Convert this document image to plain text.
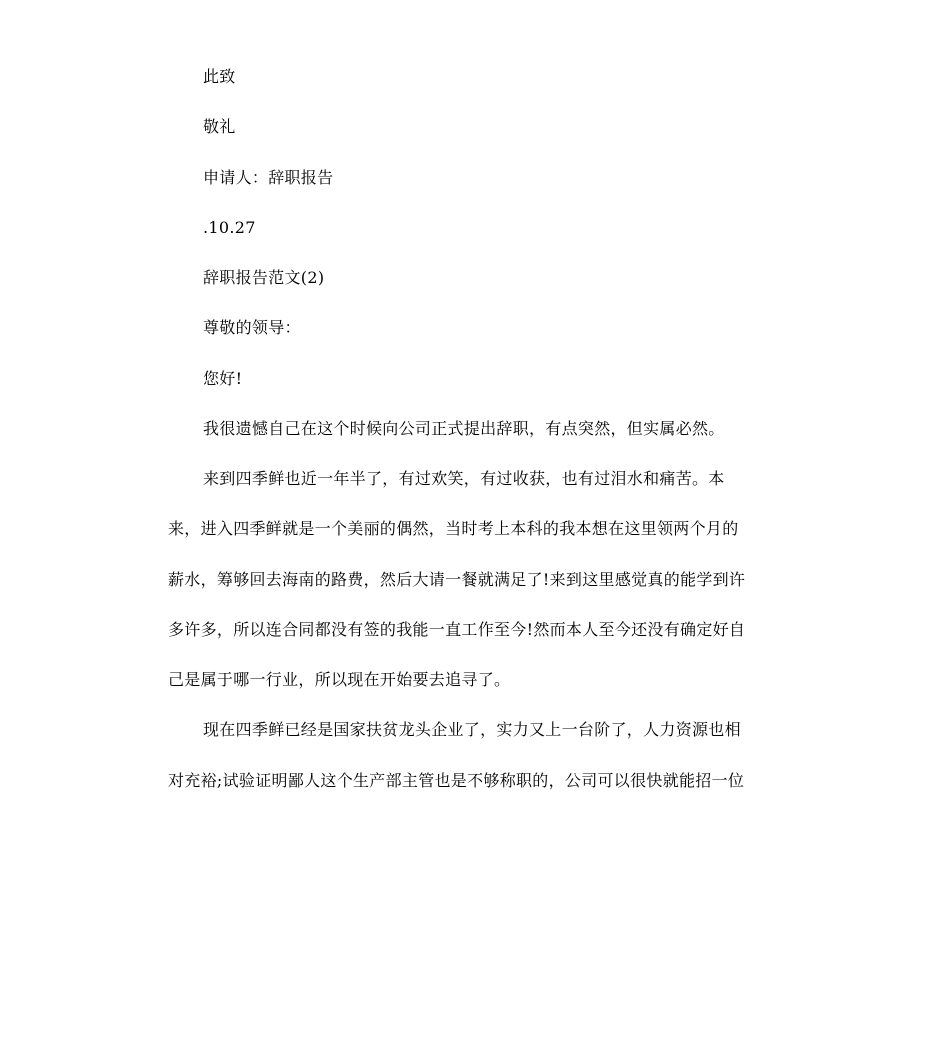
此致
敬礼
申请人：辞职报告
.10.27
辞职报告范文(2)
尊敬的领导：
您好!
我很遗憾自己在这个时候向公司正式提出辞职，有点突然，但实属必然。
来到四季鲜也近一年半了，有过欢笑，有过收获，也有过泪水和痛苦。本
来，进入四季鲜就是一个美丽的偶然，当时考上本科的我本想在这里领两个月的
薪水，筹够回去海南的路费，然后大请一餐就满足了!来到这里感觉真的能学到许
多许多，所以连合同都没有签的我能一直工作至今!然而本人至今还没有确定好自
己是属于哪一行业，所以现在开始要去追寻了。
现在四季鲜已经是国家扶贫龙头企业了，实力又上一台阶了，人力资源也相
对充裕;试验证明鄙人这个生产部主管也是不够称职的，公司可以很快就能招一位
